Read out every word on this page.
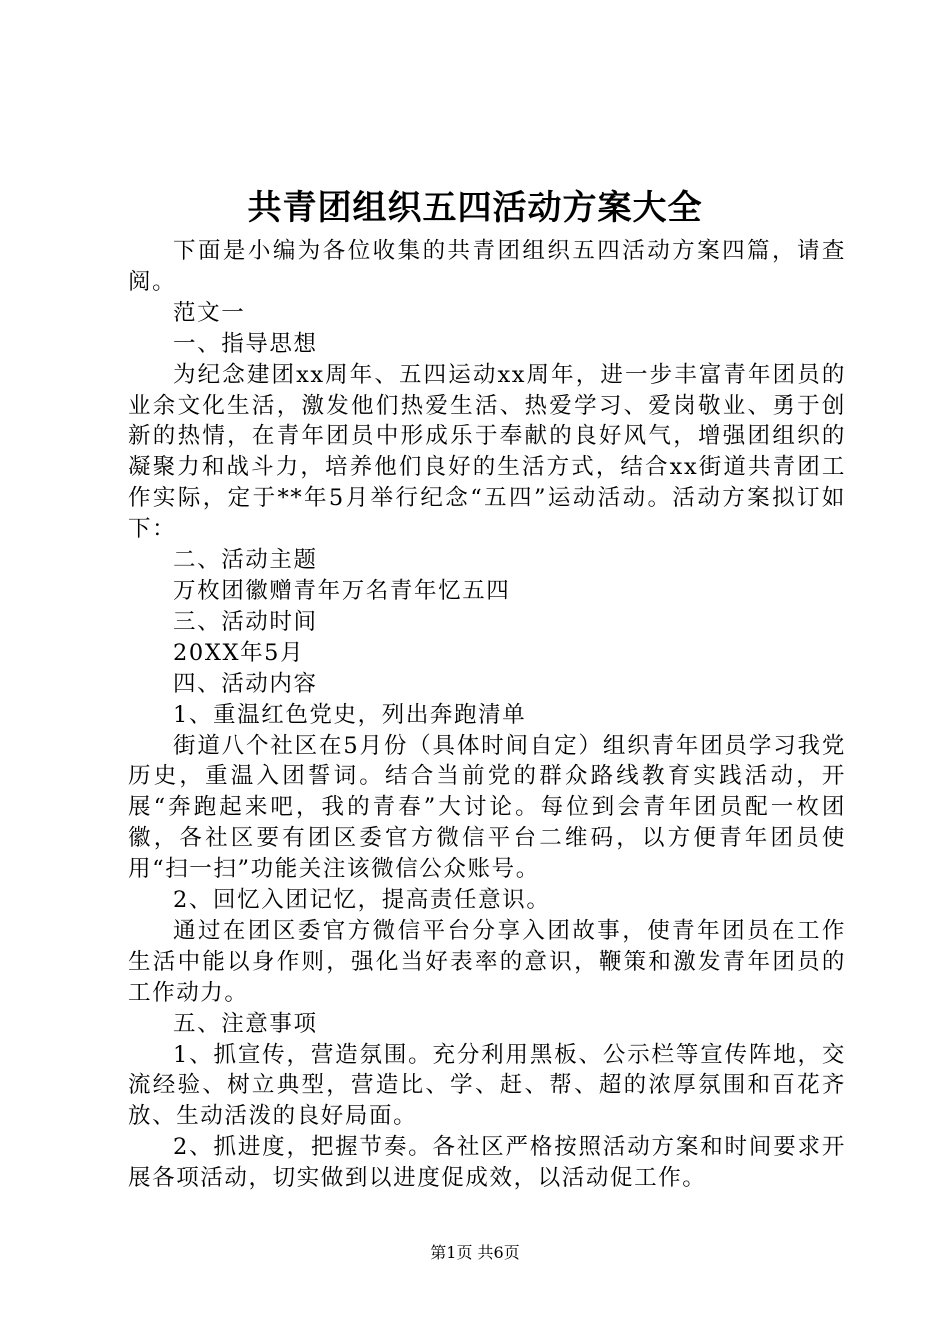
共青团组织五四活动方案大全

下面是小编为各位收集的共青团组织五四活动方案四篇，请查阅。

范文一

一、指导思想

为纪念建团xx周年、五四运动xx周年，进一步丰富青年团员的业余文化生活，激发他们热爱生活、热爱学习、爱岗敬业、勇于创新的热情，在青年团员中形成乐于奉献的良好风气，增强团组织的凝聚力和战斗力，培养他们良好的生活方式，结合xx街道共青团工作实际，定于**年5月举行纪念“五四”运动活动。活动方案拟订如下：

二、活动主题

万枚团徽赠青年万名青年忆五四

三、活动时间

20XX年5月

四、活动内容

1、重温红色党史，列出奔跑清单

街道八个社区在5月份（具体时间自定）组织青年团员学习我党历史，重温入团誓词。结合当前党的群众路线教育实践活动，开展“奔跑起来吧，我的青春”大讨论。每位到会青年团员配一枚团徽，各社区要有团区委官方微信平台二维码，以方便青年团员使用“扫一扫”功能关注该微信公众账号。

2、回忆入团记忆，提高责任意识。

通过在团区委官方微信平台分享入团故事，使青年团员在工作生活中能以身作则，强化当好表率的意识，鞭策和激发青年团员的工作动力。

五、注意事项

1、抓宣传，营造氛围。充分利用黑板、公示栏等宣传阵地，交流经验、树立典型，营造比、学、赶、帮、超的浓厚氛围和百花齐放、生动活泼的良好局面。

2、抓进度，把握节奏。各社区严格按照活动方案和时间要求开展各项活动，切实做到以进度促成效，以活动促工作。

第1页 共6页
